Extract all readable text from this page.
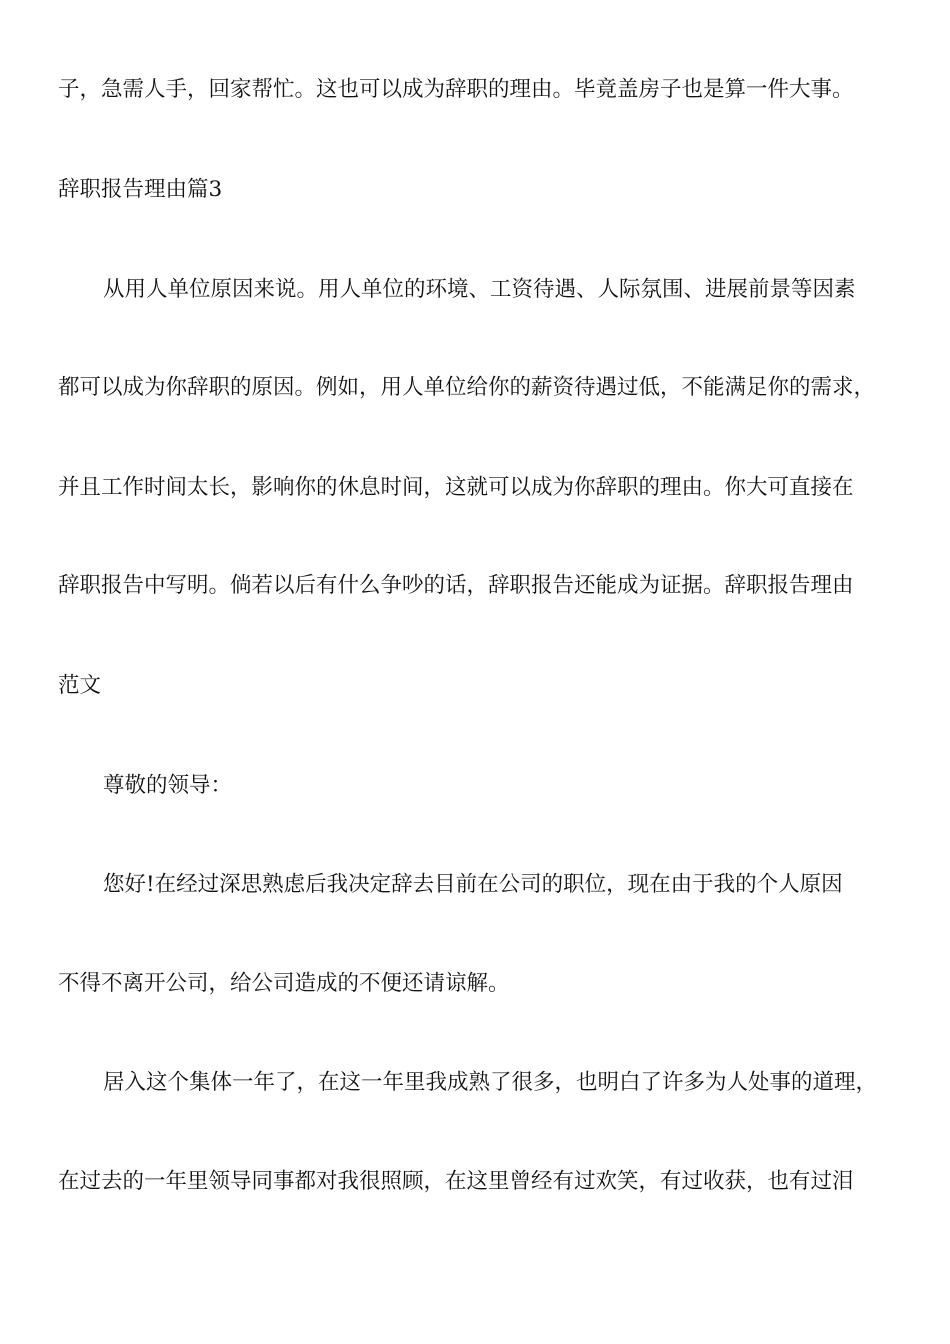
子，急需人手，回家帮忙。这也可以成为辞职的理由。毕竟盖房子也是算一件大事。
辞职报告理由篇3
从用人单位原因来说。用人单位的环境、工资待遇、人际氛围、进展前景等因素
都可以成为你辞职的原因。例如，用人单位给你的薪资待遇过低，不能满足你的需求，
并且工作时间太长，影响你的休息时间，这就可以成为你辞职的理由。你大可直接在
辞职报告中写明。倘若以后有什么争吵的话，辞职报告还能成为证据。辞职报告理由
范文
尊敬的领导：
您好!在经过深思熟虑后我决定辞去目前在公司的职位，现在由于我的个人原因
不得不离开公司，给公司造成的不便还请谅解。
居入这个集体一年了，在这一年里我成熟了很多，也明白了许多为人处事的道理，
在过去的一年里领导同事都对我很照顾，在这里曾经有过欢笑，有过收获，也有过泪
